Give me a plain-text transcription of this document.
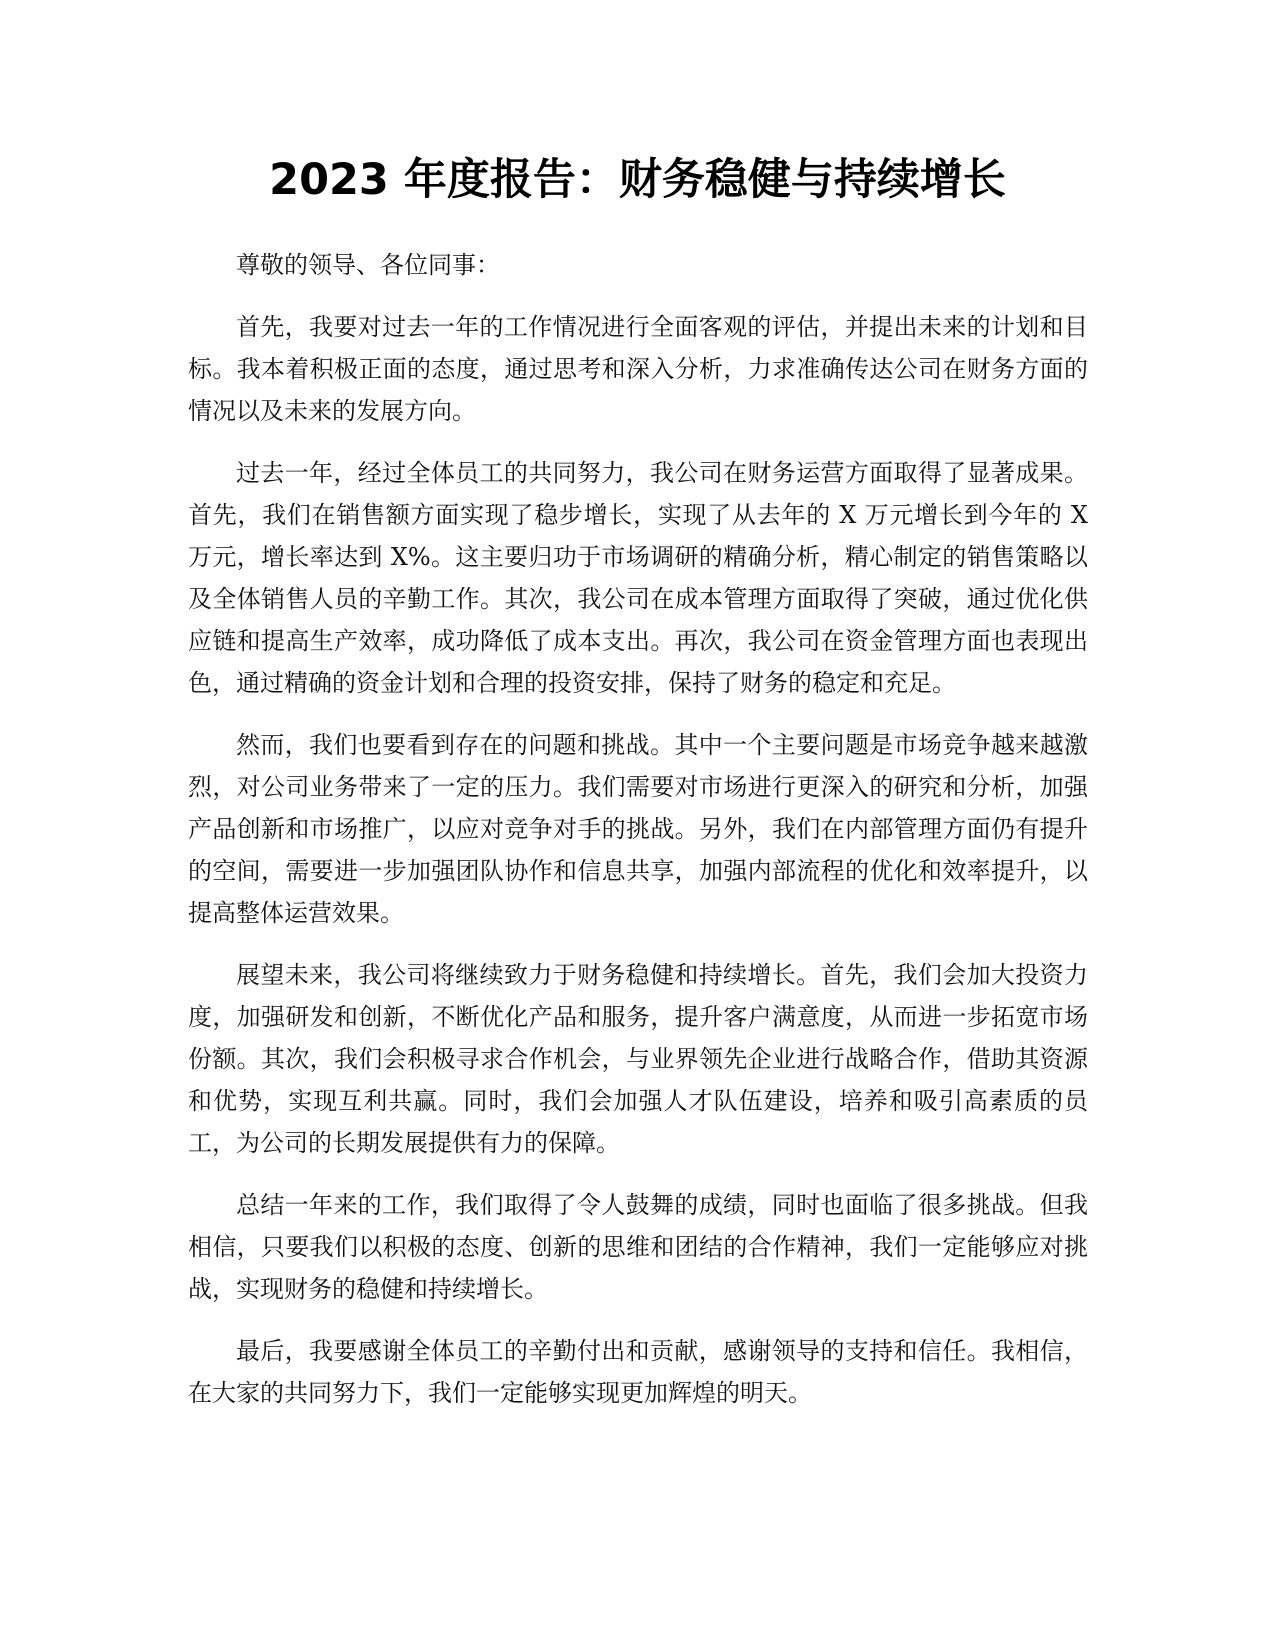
2023 年度报告：财务稳健与持续增长

尊敬的领导、各位同事：

首先，我要对过去一年的工作情况进行全面客观的评估，并提出未来的计划和目标。我本着积极正面的态度，通过思考和深入分析，力求准确传达公司在财务方面的情况以及未来的发展方向。

过去一年，经过全体员工的共同努力，我公司在财务运营方面取得了显著成果。首先，我们在销售额方面实现了稳步增长，实现了从去年的 X 万元增长到今年的 X 万元，增长率达到 X%。这主要归功于市场调研的精确分析，精心制定的销售策略以及全体销售人员的辛勤工作。其次，我公司在成本管理方面取得了突破，通过优化供应链和提高生产效率，成功降低了成本支出。再次，我公司在资金管理方面也表现出色，通过精确的资金计划和合理的投资安排，保持了财务的稳定和充足。

然而，我们也要看到存在的问题和挑战。其中一个主要问题是市场竞争越来越激烈，对公司业务带来了一定的压力。我们需要对市场进行更深入的研究和分析，加强产品创新和市场推广，以应对竞争对手的挑战。另外，我们在内部管理方面仍有提升的空间，需要进一步加强团队协作和信息共享，加强内部流程的优化和效率提升，以提高整体运营效果。

展望未来，我公司将继续致力于财务稳健和持续增长。首先，我们会加大投资力度，加强研发和创新，不断优化产品和服务，提升客户满意度，从而进一步拓宽市场份额。其次，我们会积极寻求合作机会，与业界领先企业进行战略合作，借助其资源和优势，实现互利共赢。同时，我们会加强人才队伍建设，培养和吸引高素质的员工，为公司的长期发展提供有力的保障。

总结一年来的工作，我们取得了令人鼓舞的成绩，同时也面临了很多挑战。但我相信，只要我们以积极的态度、创新的思维和团结的合作精神，我们一定能够应对挑战，实现财务的稳健和持续增长。

最后，我要感谢全体员工的辛勤付出和贡献，感谢领导的支持和信任。我相信，在大家的共同努力下，我们一定能够实现更加辉煌的明天。
